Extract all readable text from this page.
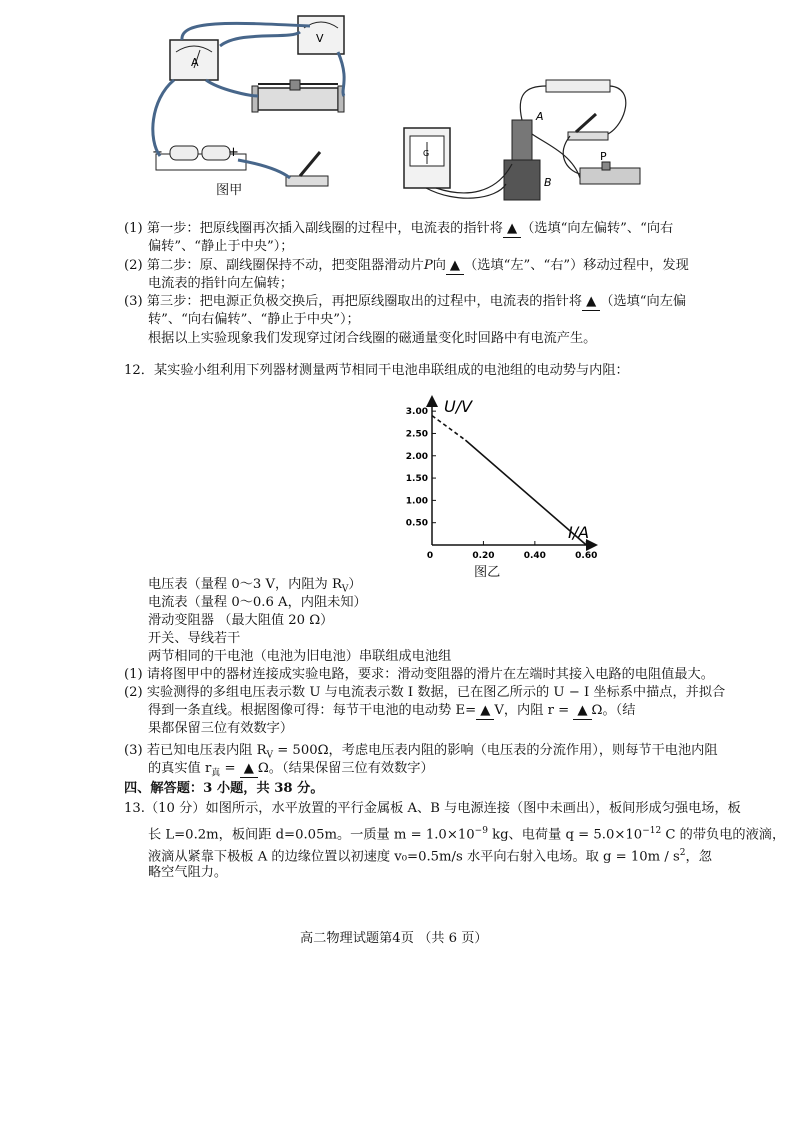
A
V
−	+
图甲
G
A
B
P
(1) 第一步：把原线圈再次插入副线圈的过程中，电流表的指针将 ▲ （选填“向左偏转”、“向右
偏转”、“静止于中央”）；
(2) 第二步：原、副线圈保持不动，把变阻器滑动片P向 ▲ （选填“左”、“右”）移动过程中，发现
电流表的指针向左偏转；
(3) 第三步：把电源正负极交换后，再把原线圈取出的过程中，电流表的指针将 ▲ （选填“向左偏
转”、“向右偏转”、“静止于中央”）；
根据以上实验现象我们发现穿过闭合线圈的磁通量变化时回路中有电流产生。
12．某实验小组利用下列器材测量两节相同干电池串联组成的电池组的电动势与内阻：
U/V
I/A
0.50
1.00
1.50
2.00
2.50
3.00
0	0.20	0.40	0.60
图乙
电压表（量程 0～3 V，内阻为 $R_V$）
电流表（量程 0～0.6 A，内阻未知）
滑动变阻器 （最大阻值 20 Ω）
开关、导线若干
两节相同的干电池（电池为旧电池）串联组成电池组
(1) 请将图甲中的器材连接成实验电路，要求：滑动变阻器的滑片在左端时其接入电路的电阻值最大。
(2) 实验测得的多组电压表示数 U 与电流表示数 I 数据，已在图乙所示的 U − I 坐标系中描点，并拟合
得到一条直线。根据图像可得：每节干电池的电动势 E= ▲ V，内阻 r = ▲ Ω。（结
果都保留三位有效数字）
(3) 若已知电压表内阻 $R_V = 500\Omega$，考虑电压表内阻的影响（电压表的分流作用），则每节干电池内阻
的真实值 $r_真$ = ▲ Ω。（结果保留三位有效数字）
四、解答题：3 小题，共 38 分。
13.（10 分）如图所示，水平放置的平行金属板 A、B 与电源连接（图中未画出），板间形成匀强电场，板
长 L=0.2m，板间距 d=0.05m。一质量 $m = 1.0\times 10^{-9}$ kg、电荷量 $q = 5.0\times 10^{-12}$ C 的带负电的液滴，
液滴从紧靠下极板 A 的边缘位置以初速度 v₀=0.5m/s 水平向右射入电场。取 $g = 10m / s^2$，忽
略空气阻力。
高二物理试题第4页 （共 6 页）
